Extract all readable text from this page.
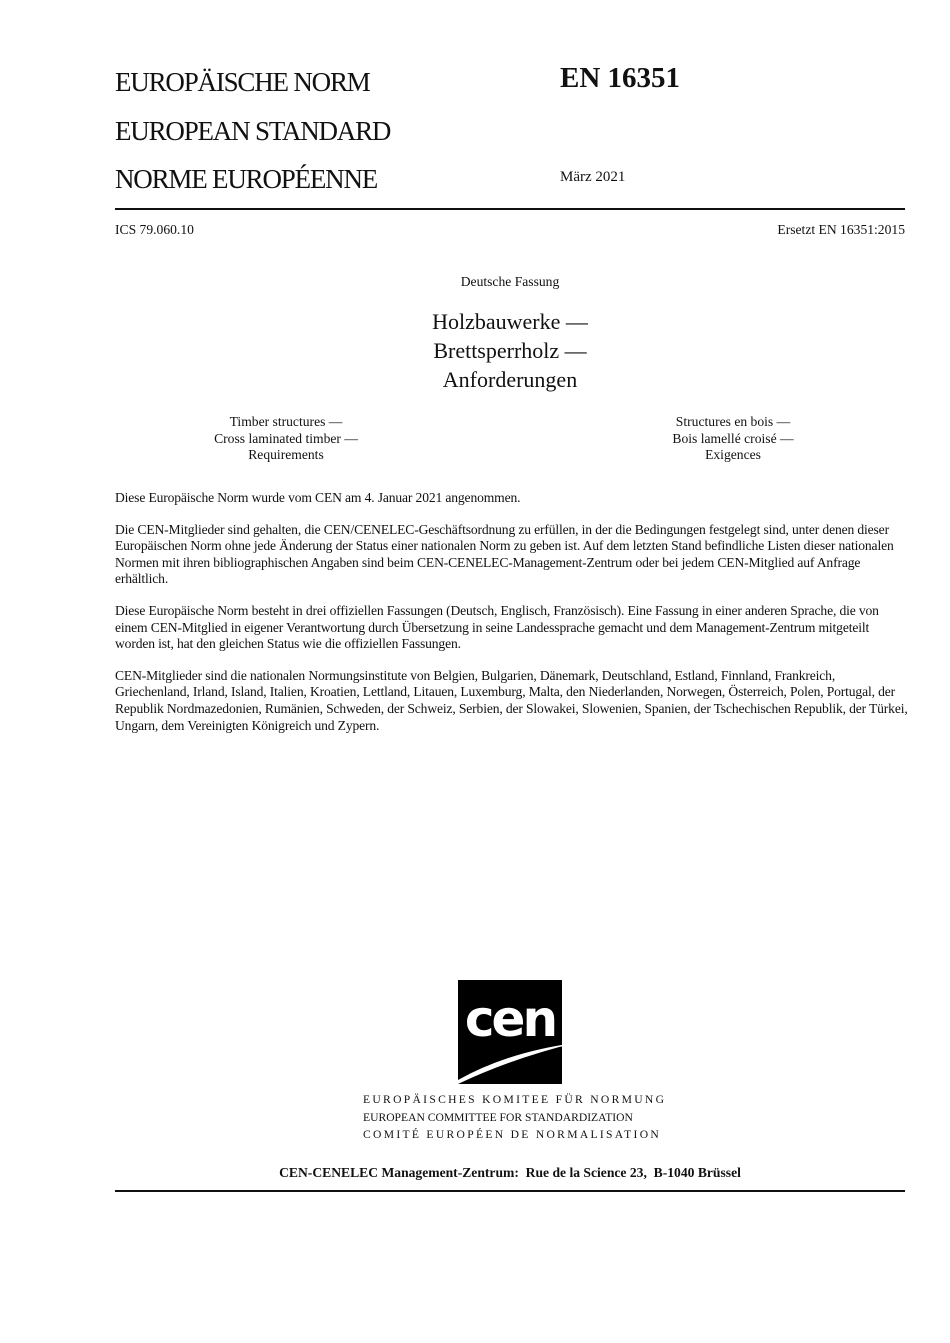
EUROPÄISCHE NORM
EUROPEAN STANDARD
NORME EUROPÉENNE
EN 16351
März 2021
ICS 79.060.10	Ersetzt EN 16351:2015
Deutsche Fassung
Holzbauwerke —
Brettsperrholz —
Anforderungen
Timber structures —
Cross laminated timber —
Requirements
Structures en bois —
Bois lamellé croisé —
Exigences

Diese Europäische Norm wurde vom CEN am 4. Januar 2021 angenommen.

Die CEN-Mitglieder sind gehalten, die CEN/CENELEC-Geschäftsordnung zu erfüllen, in der die Bedingungen festgelegt sind, unter denen dieser Europäischen Norm ohne jede Änderung der Status einer nationalen Norm zu geben ist. Auf dem letzten Stand befindliche Listen dieser nationalen Normen mit ihren bibliographischen Angaben sind beim CEN-CENELEC-Management-Zentrum oder bei jedem CEN-Mitglied auf Anfrage erhältlich.

Diese Europäische Norm besteht in drei offiziellen Fassungen (Deutsch, Englisch, Französisch). Eine Fassung in einer anderen Sprache, die von einem CEN-Mitglied in eigener Verantwortung durch Übersetzung in seine Landessprache gemacht und dem Management-Zentrum mitgeteilt worden ist, hat den gleichen Status wie die offiziellen Fassungen.

CEN-Mitglieder sind die nationalen Normungsinstitute von Belgien, Bulgarien, Dänemark, Deutschland, Estland, Finnland, Frankreich, Griechenland, Irland, Island, Italien, Kroatien, Lettland, Litauen, Luxemburg, Malta, den Niederlanden, Norwegen, Österreich, Polen, Portugal, der Republik Nordmazedonien, Rumänien, Schweden, der Schweiz, Serbien, der Slowakei, Slowenien, Spanien, der Tschechischen Republik, der Türkei, Ungarn, dem Vereinigten Königreich und Zypern.

cen
EUROPÄISCHES KOMITEE FÜR NORMUNG
EUROPEAN COMMITTEE FOR STANDARDIZATION
COMITÉ EUROPÉEN DE NORMALISATION
CEN-CENELEC Management-Zentrum:  Rue de la Science 23,  B-1040 Brüssel
